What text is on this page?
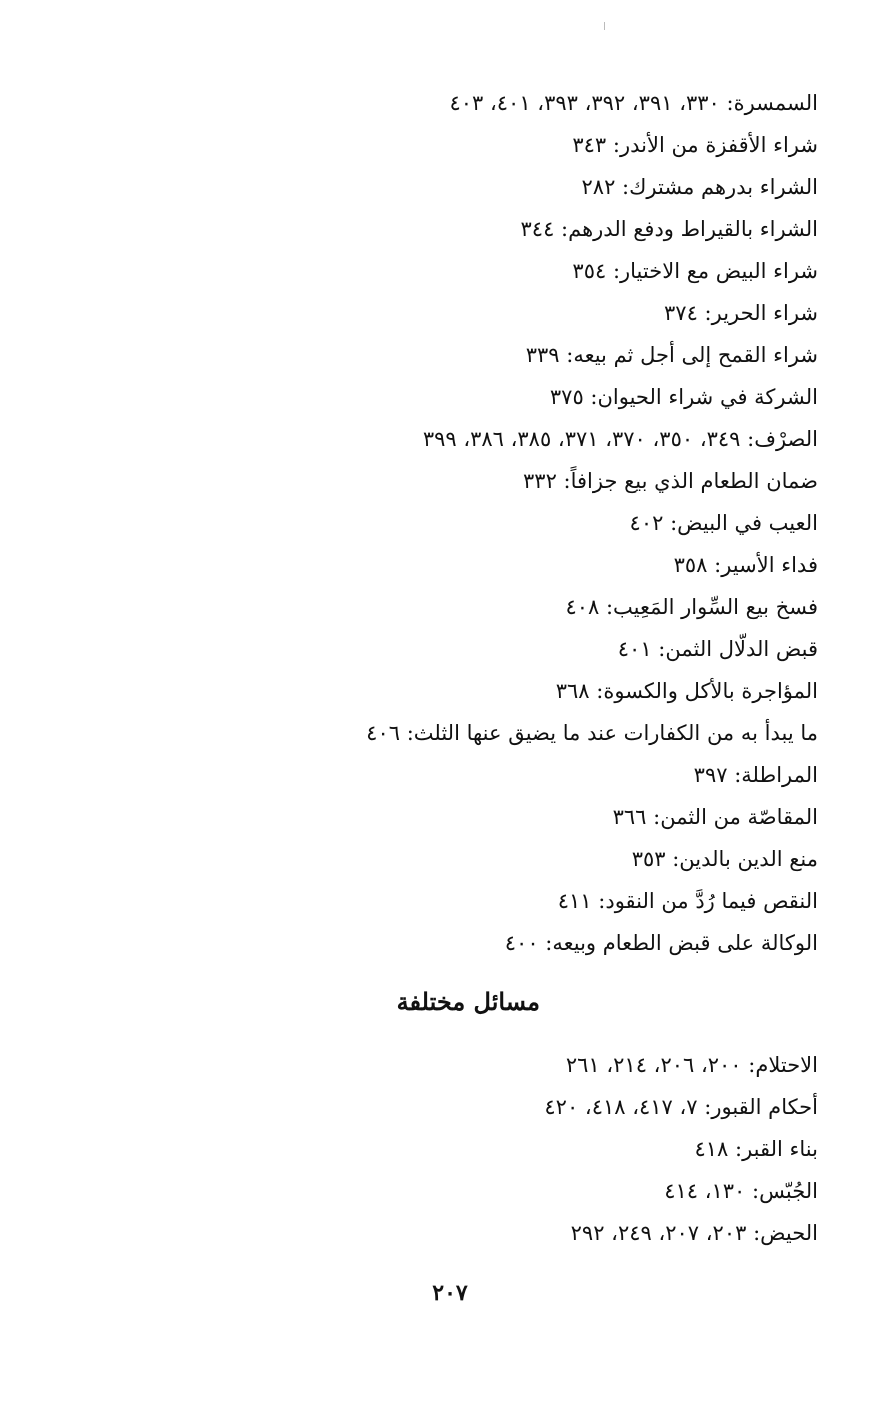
السمسرة: ٣٣٠، ٣٩١، ٣٩٢، ٣٩٣، ٤٠١، ٤٠٣
شراء الأقفزة من الأندر: ٣٤٣
الشراء بدرهم مشترك: ٢٨٢
الشراء بالقيراط ودفع الدرهم: ٣٤٤
شراء البيض مع الاختيار: ٣٥٤
شراء الحرير: ٣٧٤
شراء القمح إلى أجل ثم بيعه: ٣٣٩
الشركة في شراء الحيوان: ٣٧٥
الصرْف: ٣٤٩، ٣٥٠، ٣٧٠، ٣٧١، ٣٨٥، ٣٨٦، ٣٩٩
ضمان الطعام الذي بيع جزافاً: ٣٣٢
العيب في البيض: ٤٠٢
فداء الأسير: ٣٥٨
فسخ بيع السِّوار المَعِيب: ٤٠٨
قبض الدلّال الثمن: ٤٠١
المؤاجرة بالأكل والكسوة: ٣٦٨
ما يبدأ به من الكفارات عند ما يضيق عنها الثلث: ٤٠٦
المراطلة: ٣٩٧
المقاصّة من الثمن: ٣٦٦
منع الدين بالدين: ٣٥٣
النقص فيما رُدَّ من النقود: ٤١١
الوكالة على قبض الطعام وبيعه: ٤٠٠
مسائل مختلفة
الاحتلام: ٢٠٠، ٢٠٦، ٢١٤، ٢٦١
أحكام القبور: ٧، ٤١٧، ٤١٨، ٤٢٠
بناء القبر: ٤١٨
الجُبّس: ١٣٠، ٤١٤
الحيض: ٢٠٣، ٢٠٧، ٢٤٩، ٢٩٢
٢٠٧
